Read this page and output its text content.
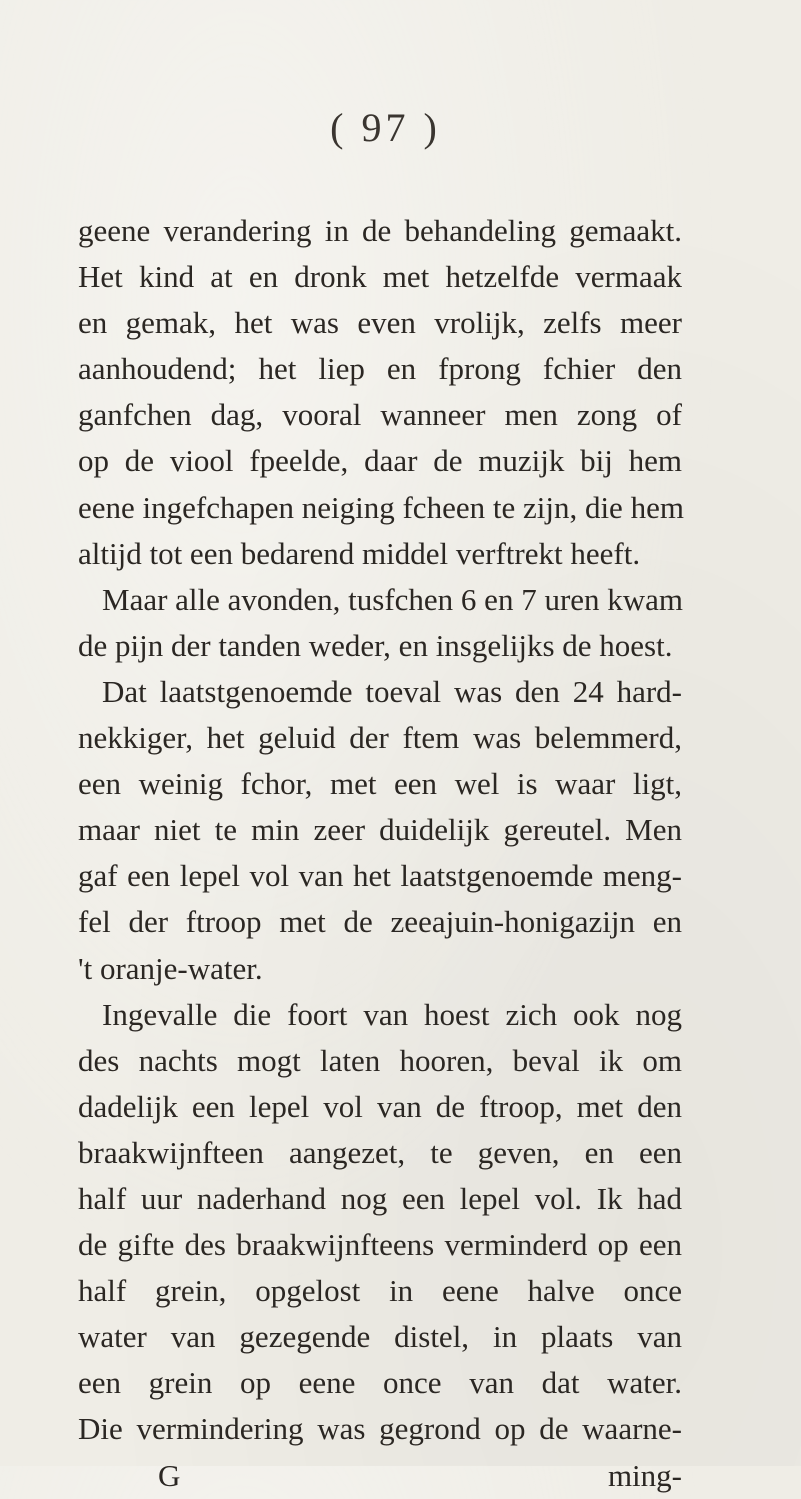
( 97 )
geene verandering in de behandeling gemaakt.
Het kind at en dronk met hetzelfde vermaak
en gemak, het was even vrolijk, zelfs meer
aanhoudend; het liep en fprong fchier den
ganfchen dag, vooral wanneer men zong of
op de viool fpeelde, daar de muzijk bij hem
eene ingefchapen neiging fcheen te zijn, die hem
altijd tot een bedarend middel verftrekt heeft.
Maar alle avonden, tusfchen 6 en 7 uren kwam
de pijn der tanden weder, en insgelijks de hoest.
Dat laatstgenoemde toeval was den 24 hard-
nekkiger, het geluid der ftem was belemmerd,
een weinig fchor, met een wel is waar ligt,
maar niet te min zeer duidelijk gereutel. Men
gaf een lepel vol van het laatstgenoemde meng-
fel der ftroop met de zeeajuin-honigazijn en
't oranje-water.
Ingevalle die foort van hoest zich ook nog
des nachts mogt laten hooren, beval ik om
dadelijk een lepel vol van de ftroop, met den
braakwijnfteen aangezet, te geven, en een
half uur naderhand nog een lepel vol. Ik had
de gifte des braakwijnfteens verminderd op een
half grein, opgelost in eene halve once
water van gezegende distel, in plaats van
een grein op eene once van dat water.
Die vermindering was gegrond op de waarne-
G	ming-
